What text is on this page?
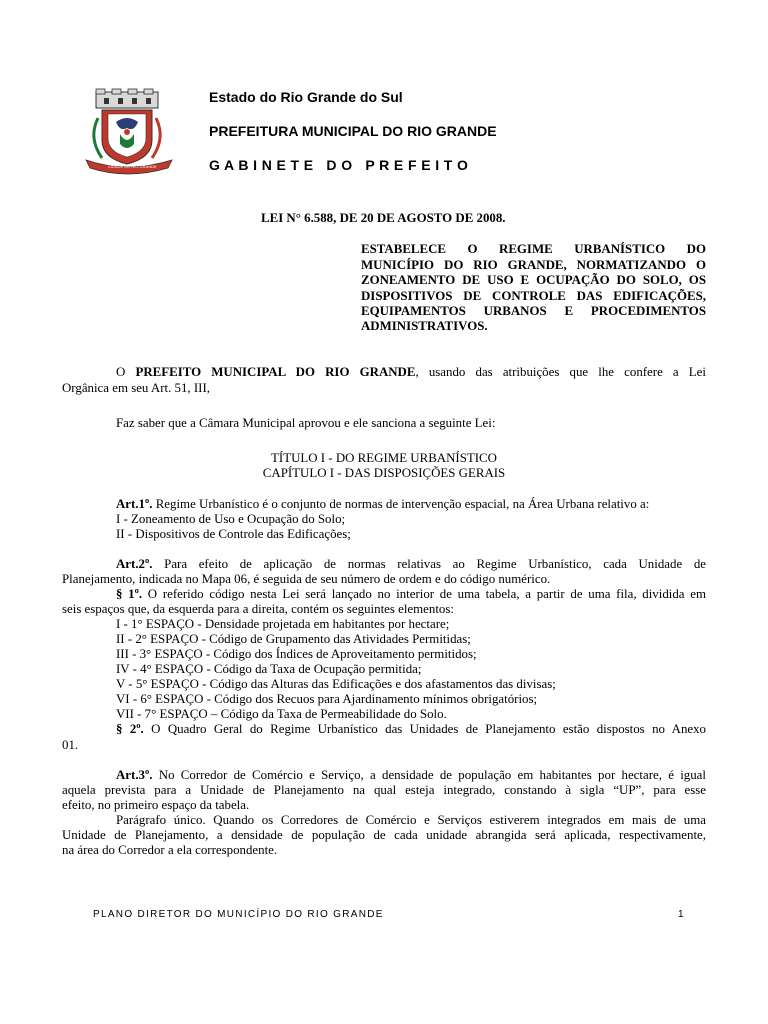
CIDADE DO RIO GRANDE
Estado do Rio Grande do Sul
PREFEITURA MUNICIPAL DO RIO GRANDE
G A B I N E T E   D O   P R E F E I T O
LEI N° 6.588, DE 20 DE AGOSTO DE 2008.
ESTABELECE O REGIME URBANÍSTICO DO
MUNICÍPIO DO RIO GRANDE, NORMATIZANDO O
ZONEAMENTO DE USO E OCUPAÇÃO DO SOLO, OS
DISPOSITIVOS DE CONTROLE DAS EDIFICAÇÕES,
EQUIPAMENTOS URBANOS E PROCEDIMENTOS
ADMINISTRATIVOS.
O PREFEITO MUNICIPAL DO RIO GRANDE, usando das atribuições que lhe confere a Lei
Orgânica em seu Art. 51, III,
Faz saber que a Câmara Municipal aprovou e ele sanciona a seguinte Lei:
TÍTULO I - DO REGIME URBANÍSTICO
CAPÍTULO I - DAS DISPOSIÇÕES GERAIS
Art.1º. Regime Urbanístico é o conjunto de normas de intervenção espacial, na Área Urbana relativo a:
I - Zoneamento de Uso e Ocupação do Solo;
II - Dispositivos de Controle das Edificações;
Art.2º. Para efeito de aplicação de normas relativas ao Regime Urbanístico, cada Unidade de
Planejamento, indicada no Mapa 06, é seguida de seu número de ordem e do código numérico.
§ 1º. O referido código nesta Lei será lançado no interior de uma tabela, a partir de uma fila, dividida em
seis espaços que, da esquerda para a direita, contém os seguintes elementos:
I - 1° ESPAÇO - Densidade projetada em habitantes por hectare;
II - 2° ESPAÇO - Código de Grupamento das Atividades Permitidas;
III - 3° ESPAÇO - Código dos Índices de Aproveitamento permitidos;
IV - 4° ESPAÇO - Código da Taxa de Ocupação permitida;
V - 5° ESPAÇO - Código das Alturas das Edificações e dos afastamentos das divisas;
VI - 6° ESPAÇO - Código dos Recuos para Ajardinamento mínimos obrigatórios;
VII - 7° ESPAÇO – Código da Taxa de Permeabilidade do Solo.
§ 2º. O Quadro Geral do Regime Urbanístico das Unidades de Planejamento estão dispostos no Anexo
01.
Art.3º. No Corredor de Comércio e Serviço, a densidade de população em habitantes por hectare, é igual
aquela prevista para a Unidade de Planejamento na qual esteja integrado, constando à sigla “UP”, para esse
efeito, no primeiro espaço da tabela.
Parágrafo único. Quando os Corredores de Comércio e Serviços estiverem integrados em mais de uma
Unidade de Planejamento, a densidade de população de cada unidade abrangida será aplicada, respectivamente,
na área do Corredor a ela correspondente.
PLANO DIRETOR DO MUNICÍPIO DO RIO GRANDE	1
